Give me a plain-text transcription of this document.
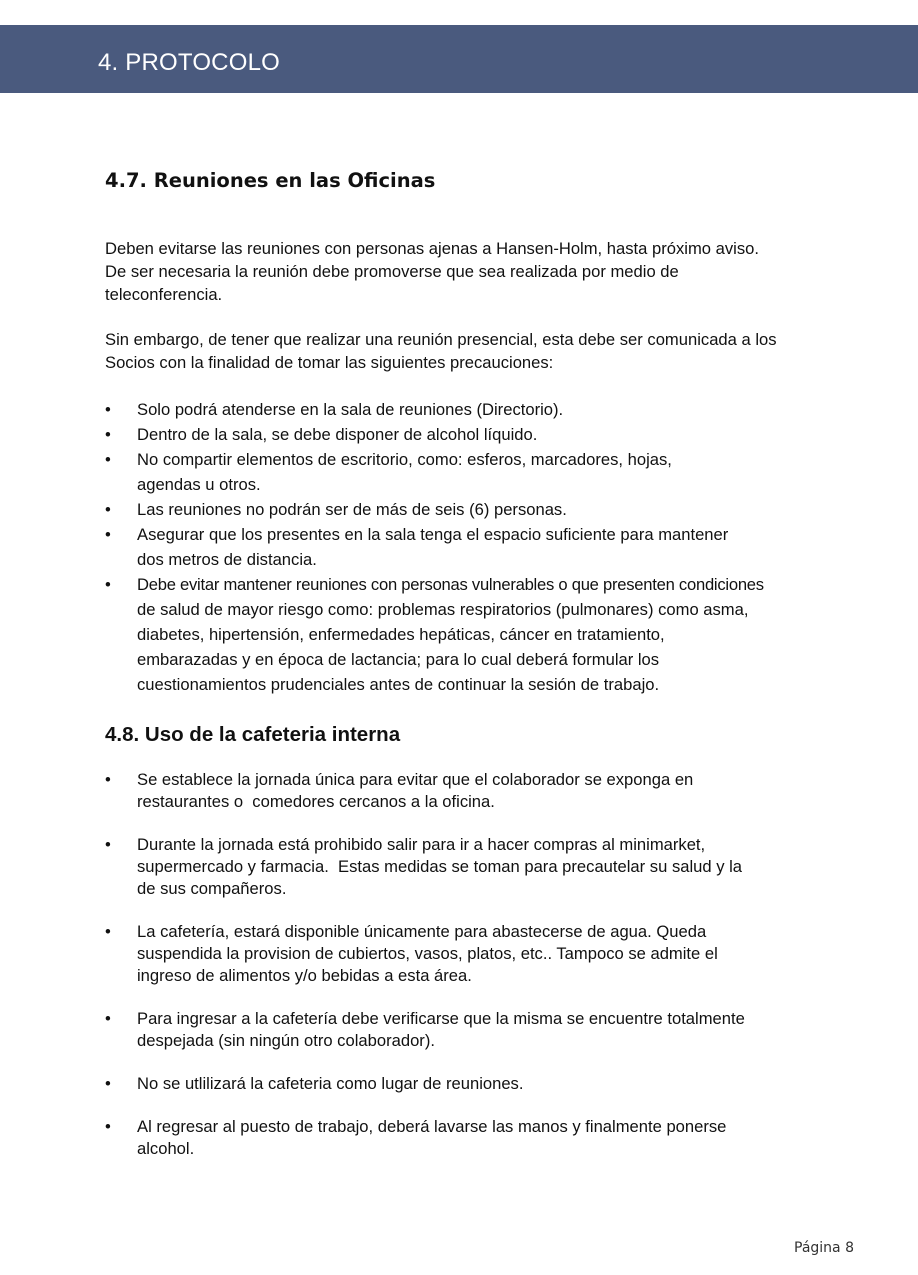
4. PROTOCOLO
4.7. Reuniones en las Oficinas

Deben evitarse las reuniones con personas ajenas a Hansen-Holm, hasta próximo aviso.
De ser necesaria la reunión debe promoverse que sea realizada por medio de
teleconferencia.

Sin embargo, de tener que realizar una reunión presencial, esta debe ser comunicada a los
Socios con la finalidad de tomar las siguientes precauciones:

• Solo podrá atenderse en la sala de reuniones (Directorio).
• Dentro de la sala, se debe disponer de alcohol líquido.
• No compartir elementos de escritorio, como: esferos, marcadores, hojas,
agendas u otros.
• Las reuniones no podrán ser de más de seis (6) personas.
• Asegurar que los presentes en la sala tenga el espacio suficiente para mantener
dos metros de distancia.
• Debe evitar mantener reuniones con personas vulnerables o que presenten condiciones
de salud de mayor riesgo como: problemas respiratorios (pulmonares) como asma,
diabetes, hipertensión, enfermedades hepáticas, cáncer en tratamiento,
embarazadas y en época de lactancia; para lo cual deberá formular los
cuestionamientos prudenciales antes de continuar la sesión de trabajo.
4.8. Uso de la cafeteria interna
• Se establece la jornada única para evitar que el colaborador se exponga en
restaurantes o  comedores cercanos a la oficina.
• Durante la jornada está prohibido salir para ir a hacer compras al minimarket,
supermercado y farmacia.  Estas medidas se toman para precautelar su salud y la
de sus compañeros.
• La cafetería, estará disponible únicamente para abastecerse de agua. Queda
suspendida la provision de cubiertos, vasos, platos, etc.. Tampoco se admite el
ingreso de alimentos y/o bebidas a esta área.
• Para ingresar a la cafetería debe verificarse que la misma se encuentre totalmente
despejada (sin ningún otro colaborador).
• No se utlilizará la cafeteria como lugar de reuniones.
• Al regresar al puesto de trabajo, deberá lavarse las manos y finalmente ponerse
alcohol.
Página 8
